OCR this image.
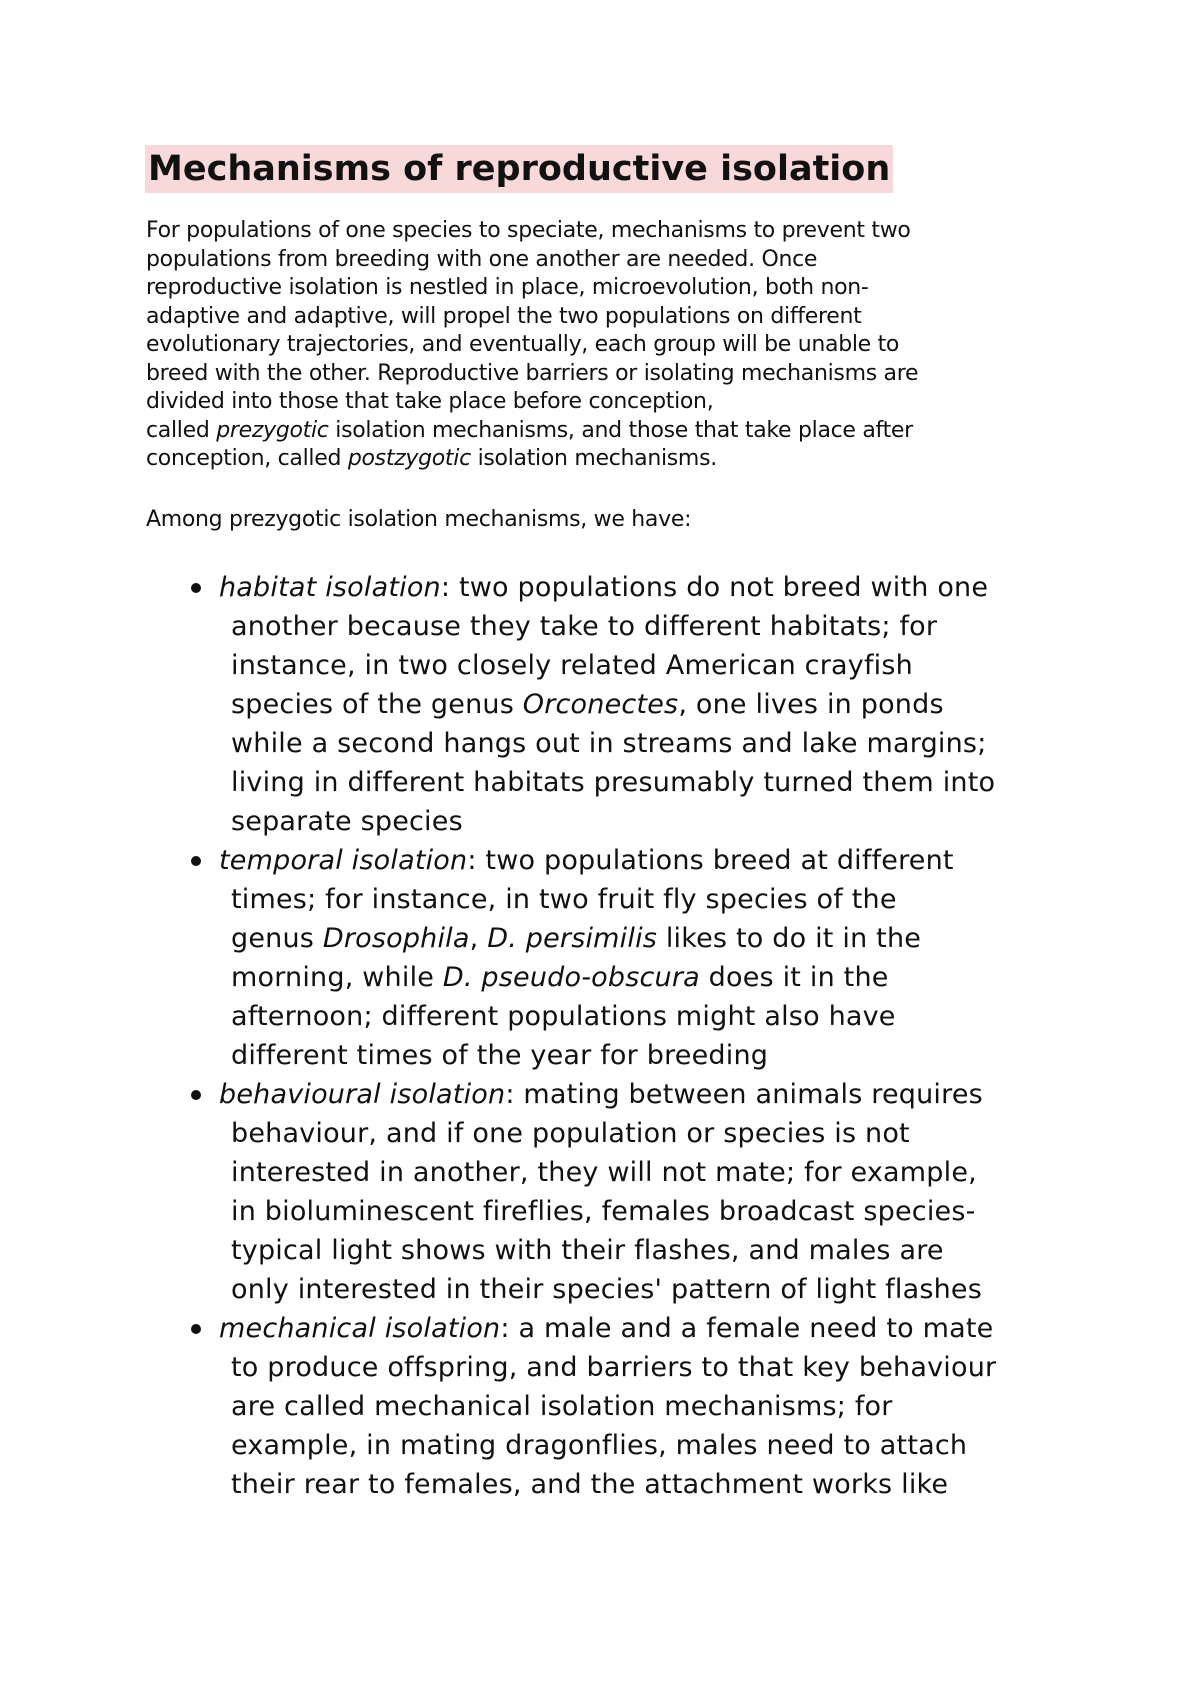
Mechanisms of reproductive isolation
For populations of one species to speciate, mechanisms to prevent two
populations from breeding with one another are needed. Once
reproductive isolation is nestled in place, microevolution, both non-
adaptive and adaptive, will propel the two populations on different
evolutionary trajectories, and eventually, each group will be unable to
breed with the other. Reproductive barriers or isolating mechanisms are
divided into those that take place before conception,
called prezygotic isolation mechanisms, and those that take place after
conception, called postzygotic isolation mechanisms.

Among prezygotic isolation mechanisms, we have:

habitat isolation: two populations do not breed with one
another because they take to different habitats; for
instance, in two closely related American crayfish
species of the genus Orconectes, one lives in ponds
while a second hangs out in streams and lake margins;
living in different habitats presumably turned them into
separate species
temporal isolation: two populations breed at different
times; for instance, in two fruit fly species of the
genus Drosophila, D. persimilis likes to do it in the
morning, while D. pseudo-obscura does it in the
afternoon; different populations might also have
different times of the year for breeding
behavioural isolation: mating between animals requires
behaviour, and if one population or species is not
interested in another, they will not mate; for example,
in bioluminescent fireflies, females broadcast species-
typical light shows with their flashes, and males are
only interested in their species' pattern of light flashes
mechanical isolation: a male and a female need to mate
to produce offspring, and barriers to that key behaviour
are called mechanical isolation mechanisms; for
example, in mating dragonflies, males need to attach
their rear to females, and the attachment works like
